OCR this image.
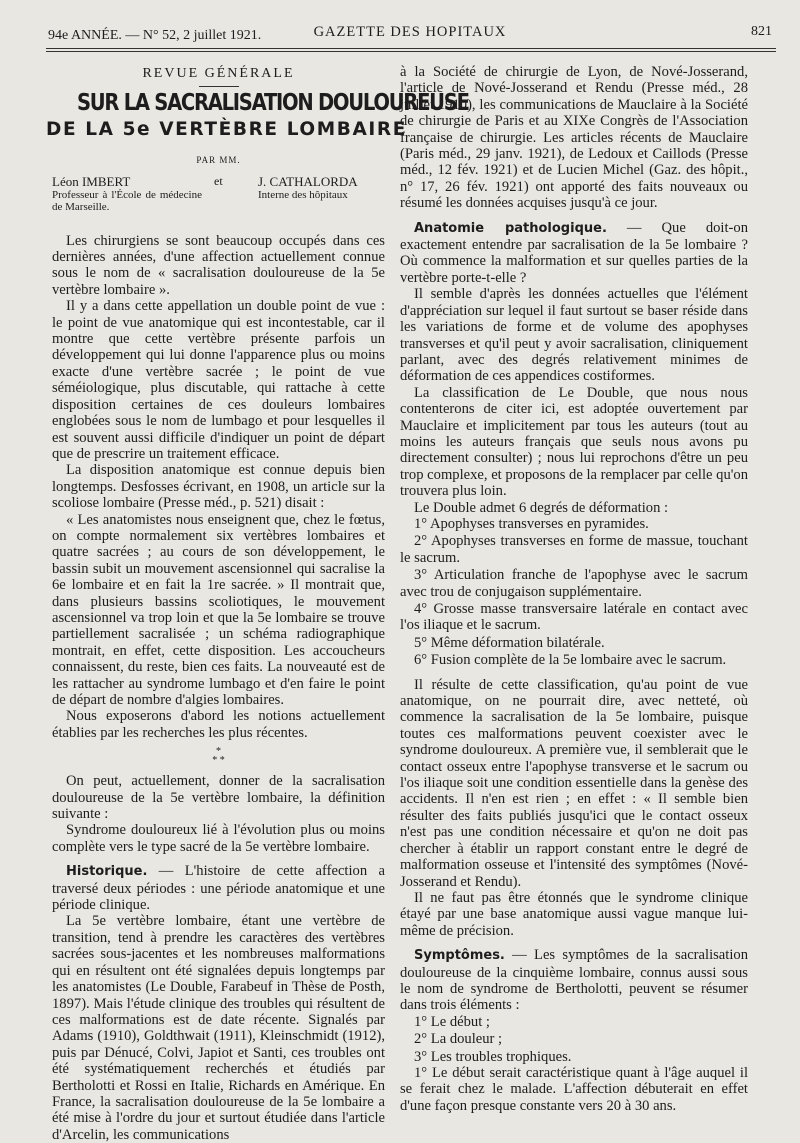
94e ANNÉE. — N° 52, 2 juillet 1921.	GAZETTE DES HOPITAUX	821
REVUE GÉNÉRALE
SUR LA SACRALISATION DOULOUREUSE
DE LA 5e VERTÈBRE LOMBAIRE
PAR MM.
Léon IMBERT
Professeur à l'École de médecine de Marseille.
et	J. CATHALORDA
Interne des hôpitaux

Les chirurgiens se sont beaucoup occupés dans ces dernières années, d'une affection actuellement connue sous le nom de « sacralisation douloureuse de la 5e vertèbre lombaire ».

Il y a dans cette appellation un double point de vue : le point de vue anatomique qui est incontestable, car il montre que cette vertèbre présente parfois un développement qui lui donne l'apparence plus ou moins exacte d'une vertèbre sacrée ; le point de vue séméiologique, plus discutable, qui rattache à cette disposition certaines de ces douleurs lombaires englobées sous le nom de lumbago et pour lesquelles il est souvent aussi difficile d'indiquer un point de départ que de prescrire un traitement efficace.

La disposition anatomique est connue depuis bien longtemps. Desfosses écrivant, en 1908, un article sur la scoliose lombaire (Presse méd., p. 521) disait :

« Les anatomistes nous enseignent que, chez le fœtus, on compte normalement six vertèbres lombaires et quatre sacrées ; au cours de son développement, le bassin subit un mouvement ascensionnel qui sacralise la 6e lombaire et en fait la 1re sacrée. » Il montrait que, dans plusieurs bassins scoliotiques, le mouvement ascensionnel va trop loin et que la 5e lombaire se trouve partiellement sacralisée ; un schéma radiographique montrait, en effet, cette disposition. Les accoucheurs connaissent, du reste, bien ces faits. La nouveauté est de les rattacher au syndrome lumbago et d'en faire le point de départ de nombre d'algies lombaires.

Nous exposerons d'abord les notions actuellement établies par les recherches les plus récentes.

*
* *

On peut, actuellement, donner de la sacralisation douloureuse de la 5e vertèbre lombaire, la définition suivante :

Syndrome douloureux lié à l'évolution plus ou moins complète vers le type sacré de la 5e vertèbre lombaire.

Historique. — L'histoire de cette affection a traversé deux périodes : une période anatomique et une période clinique.

La 5e vertèbre lombaire, étant une vertèbre de transition, tend à prendre les caractères des vertèbres sacrées sous-jacentes et les nombreuses malformations qui en résultent ont été signalées depuis longtemps par les anatomistes (Le Double, Farabeuf in Thèse de Posth, 1897). Mais l'étude clinique des troubles qui résultent de ces malformations est de date récente. Signalés par Adams (1910), Goldthwait (1911), Kleinschmidt (1912), puis par Dénucé, Colvi, Japiot et Santi, ces troubles ont été systématiquement recherchés et étudiés par Bertholotti et Rossi en Italie, Richards en Amérique. En France, la sacralisation douloureuse de la 5e lombaire a été mise à l'ordre du jour et surtout étudiée dans l'article d'Arcelin, les communications

à la Société de chirurgie de Lyon, de Nové-Josserand, l'article de Nové-Josserand et Rendu (Presse méd., 28 juillet 1910), les communications de Mauclaire à la Société de chirurgie de Paris et au XIXe Congrès de l'Association française de chirurgie. Les articles récents de Mauclaire (Paris méd., 29 janv. 1921), de Ledoux et Caillods (Presse méd., 12 fév. 1921) et de Lucien Michel (Gaz. des hôpit., n° 17, 26 fév. 1921) ont apporté des faits nouveaux ou résumé les données acquises jusqu'à ce jour.

Anatomie pathologique. — Que doit-on exactement entendre par sacralisation de la 5e lombaire ? Où commence la malformation et sur quelles parties de la vertèbre porte-t-elle ?

Il semble d'après les données actuelles que l'élément d'appréciation sur lequel il faut surtout se baser réside dans les variations de forme et de volume des apophyses transverses et qu'il peut y avoir sacralisation, cliniquement parlant, avec des degrés relativement minimes de déformation de ces appendices costiformes.

La classification de Le Double, que nous nous contenterons de citer ici, est adoptée ouvertement par Mauclaire et implicitement par tous les auteurs (tout au moins les auteurs français que seuls nous avons pu directement consulter) ; nous lui reprochons d'être un peu trop complexe, et proposons de la remplacer par celle qu'on trouvera plus loin.

Le Double admet 6 degrés de déformation :

1° Apophyses transverses en pyramides.

2° Apophyses transverses en forme de massue, touchant le sacrum.

3° Articulation franche de l'apophyse avec le sacrum avec trou de conjugaison supplémentaire.

4° Grosse masse transversaire latérale en contact avec l'os iliaque et le sacrum.

5° Même déformation bilatérale.

6° Fusion complète de la 5e lombaire avec le sacrum.

Il résulte de cette classification, qu'au point de vue anatomique, on ne pourrait dire, avec netteté, où commence la sacralisation de la 5e lombaire, puisque toutes ces malformations peuvent coexister avec le syndrome douloureux. A première vue, il semblerait que le contact osseux entre l'apophyse transverse et le sacrum ou l'os iliaque soit une condition essentielle dans la genèse des accidents. Il n'en est rien ; en effet : « Il semble bien résulter des faits publiés jusqu'ici que le contact osseux n'est pas une condition nécessaire et qu'on ne doit pas chercher à établir un rapport constant entre le degré de malformation osseuse et l'intensité des symptômes (Nové-Josserand et Rendu).

Il ne faut pas être étonnés que le syndrome clinique étayé par une base anatomique aussi vague manque lui-même de précision.

Symptômes. — Les symptômes de la sacralisation douloureuse de la cinquième lombaire, connus aussi sous le nom de syndrome de Bertholotti, peuvent se résumer dans trois éléments :

1° Le début ;

2° La douleur ;

3° Les troubles trophiques.

1° Le début serait caractéristique quant à l'âge auquel il se ferait chez le malade. L'affection débuterait en effet d'une façon presque constante vers 20 à 30 ans.
